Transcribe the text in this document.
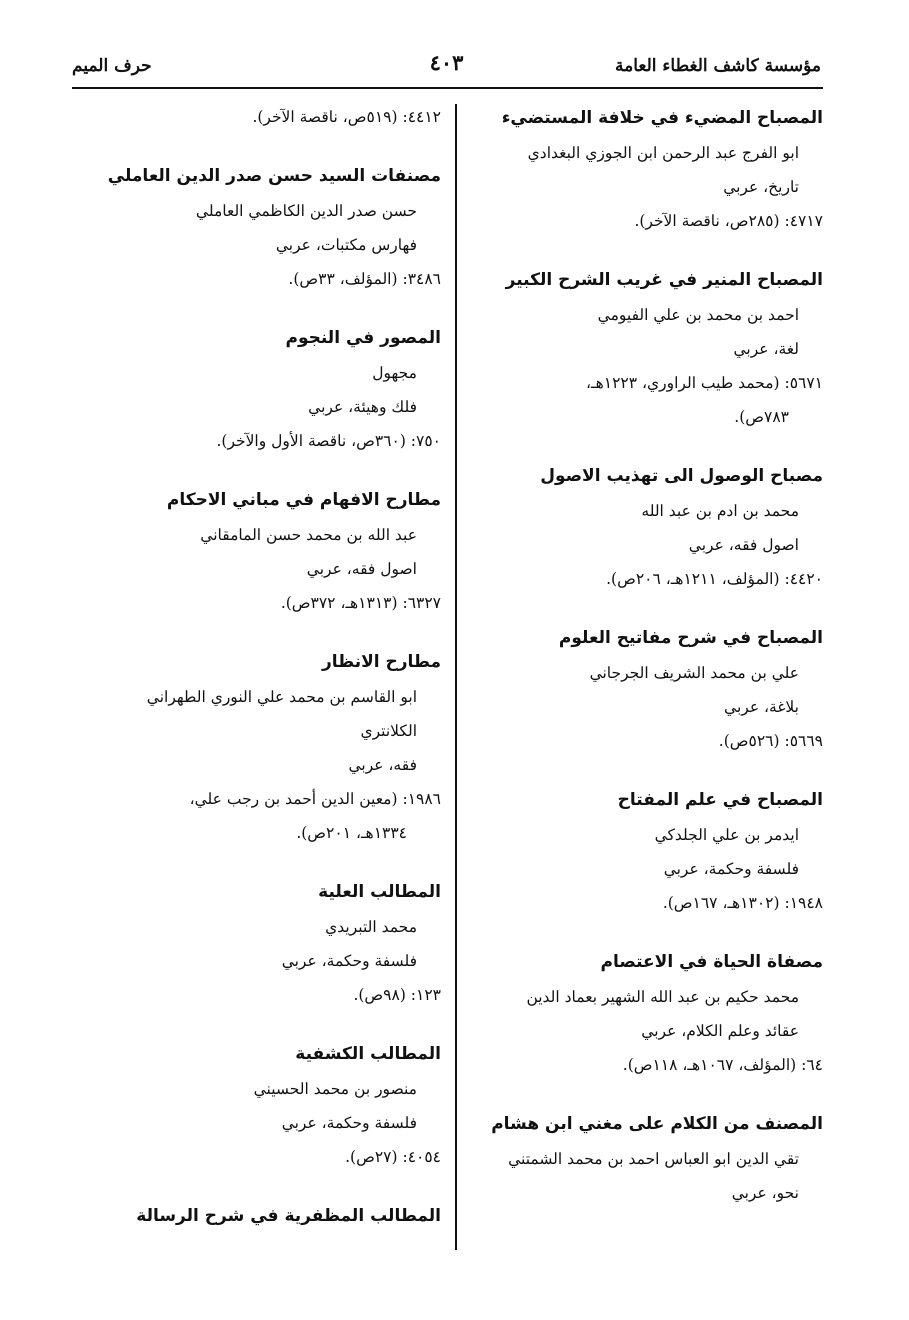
مؤسسة كاشف الغطاء العامة
٤٠٣
حرف الميم
المصباح المضيء في خلافة المستضيء
ابو الفرج عبد الرحمن ابن الجوزي البغدادي
تاريخ، عربي
٤٧١٧: (٢٨٥ص، ناقصة الآخر).
المصباح المنير في غريب الشرح الكبير
احمد بن محمد بن علي الفيومي
لغة، عربي
٥٦٧١: (محمد طيب الراوري، ١٢٢٣هـ،
٧٨٣ص).
مصباح الوصول الى تهذيب الاصول
محمد بن ادم بن عبد الله
اصول فقه، عربي
٤٤٢٠: (المؤلف، ١٢١١هـ، ٢٠٦ص).
المصباح في شرح مفاتيح العلوم
علي بن محمد الشريف الجرجاني
بلاغة، عربي
٥٦٦٩: (٥٢٦ص).
المصباح في علم المفتاح
ايدمر بن علي الجلدكي
فلسفة وحكمة، عربي
١٩٤٨: (١٣٠٢هـ، ١٦٧ص).
مصفاة الحياة في الاعتصام
محمد حكيم بن عبد الله الشهير بعماد الدين
عقائد وعلم الكلام، عربي
٦٤: (المؤلف، ١٠٦٧هـ، ١١٨ص).
المصنف من الكلام على مغني ابن هشام
تقي الدين ابو العباس احمد بن محمد الشمتني
نحو، عربي
٤٤١٢: (٥١٩ص، ناقصة الآخر).
مصنفات السيد حسن صدر الدين العاملي
حسن صدر الدين الكاظمي العاملي
فهارس مكتبات، عربي
٣٤٨٦: (المؤلف، ٣٣ص).
المصور في النجوم
مجهول
فلك وهيئة، عربي
٧٥٠: (٣٦٠ص، ناقصة الأول والآخر).
مطارح الافهام في مباني الاحكام
عبد الله بن محمد حسن المامقاني
اصول فقه، عربي
٦٣٢٧: (١٣١٣هـ، ٣٧٢ص).
مطارح الانظار
ابو القاسم بن محمد علي النوري الطهراني
الكلانتري
فقه، عربي
١٩٨٦: (معين الدين أحمد بن رجب علي،
١٣٣٤هـ، ٢٠١ص).
المطالب العلية
محمد التبريدي
فلسفة وحكمة، عربي
١٢٣: (٩٨ص).
المطالب الكشفية
منصور بن محمد الحسيني
فلسفة وحكمة، عربي
٤٠٥٤: (٢٧ص).
المطالب المظفرية في شرح الرسالة
